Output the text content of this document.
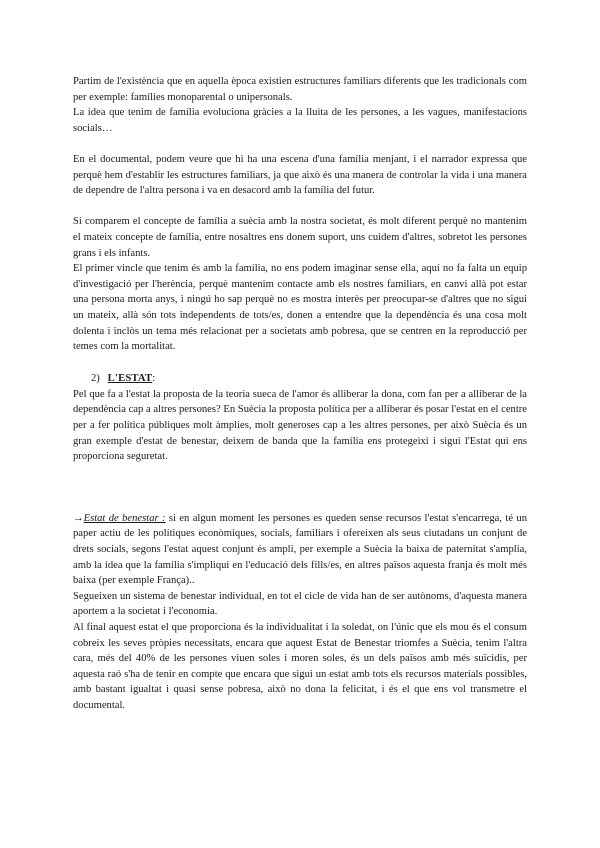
Partim de l'existència que en aquella època existien estructures familiars diferents que les tradicionals com per exemple: famílies monoparental o unipersonals.

La idea que tenim de família evoluciona gràcies a la lluita de les persones, a les vagues, manifestacions socials…

En el documental, podem veure que hi ha una escena d'una família menjant, i el narrador expressa que perquè hem d'establir les estructures familiars, ja que això és una manera de controlar la vida i una manera de dependre de l'altra persona i va en desacord amb la família del futur.

Si comparem el concepte de família a suècia amb la nostra societat, és molt diferent perquè no mantenim el mateix concepte de família, entre nosaltres ens donem suport, uns cuidem d'altres, sobretot les persones grans i els infants.

El primer vincle que tenim és amb la família, no ens podem imaginar sense ella, aquí no fa falta un equip d'investigació per l'herència, perquè mantenim contacte amb els nostres familiars, en canvi allà pot estar una persona morta anys, i ningú ho sap perquè no es mostra interès per preocupar-se d'altres que no sigui un mateix, allà són tots independents de tots/es, donen a entendre que la dependència és una cosa molt dolenta i inclòs un tema més relacionat per a societats amb pobresa, que se centren en la reproducció per temes com la mortalitat.

2) L'ESTAT:

Pel que fa a l'estat la proposta de la teoria sueca de l'amor és alliberar la dona, com fan per a alliberar de la dependència cap a altres persones? En Suècia la proposta política per a alliberar és posar l'estat en el centre per a fer política públiques molt àmplies, molt generoses cap a les altres persones, per això Suècia és un gran exemple d'estat de benestar, deixem de banda que la família ens protegeixi i sigui l'Estat qui ens proporciona seguretat.

→Estat de benestar : si en algun moment les persones es queden sense recursos l'estat s'encarrega, té un paper actiu de les polítiques econòmiques, socials, familiars i ofereixen als seus ciutadans un conjunt de drets socials, segons l'estat aquest conjunt és ampli, per exemple a Suècia la baixa de paternitat s'amplia, amb la idea que la família s'impliqui en l'educació dels fills/es, en altres països aquesta franja és molt més baixa (per exemple França)..

Segueixen un sistema de benestar individual, en tot el cicle de vida han de ser autònoms, d'aquesta manera aportem a la societat i l'economia.

Al final aquest estat el que proporciona és la individualitat i la soledat, on l'únic que els mou és el consum cobreix les seves pròpies necessitats, encara que aquest Estat de Benestar triomfes a Suècia, tenim l'altra cara, més del 40% de les persones viuen soles i moren soles, és un dels països amb més suïcidis, per aquesta raó s'ha de tenir en compte que encara que sigui un estat amb tots els recursos materials possibles, amb bastant igualtat i quasi sense pobresa, això no dona la felicitat, i és el que ens vol transmetre el documental.
